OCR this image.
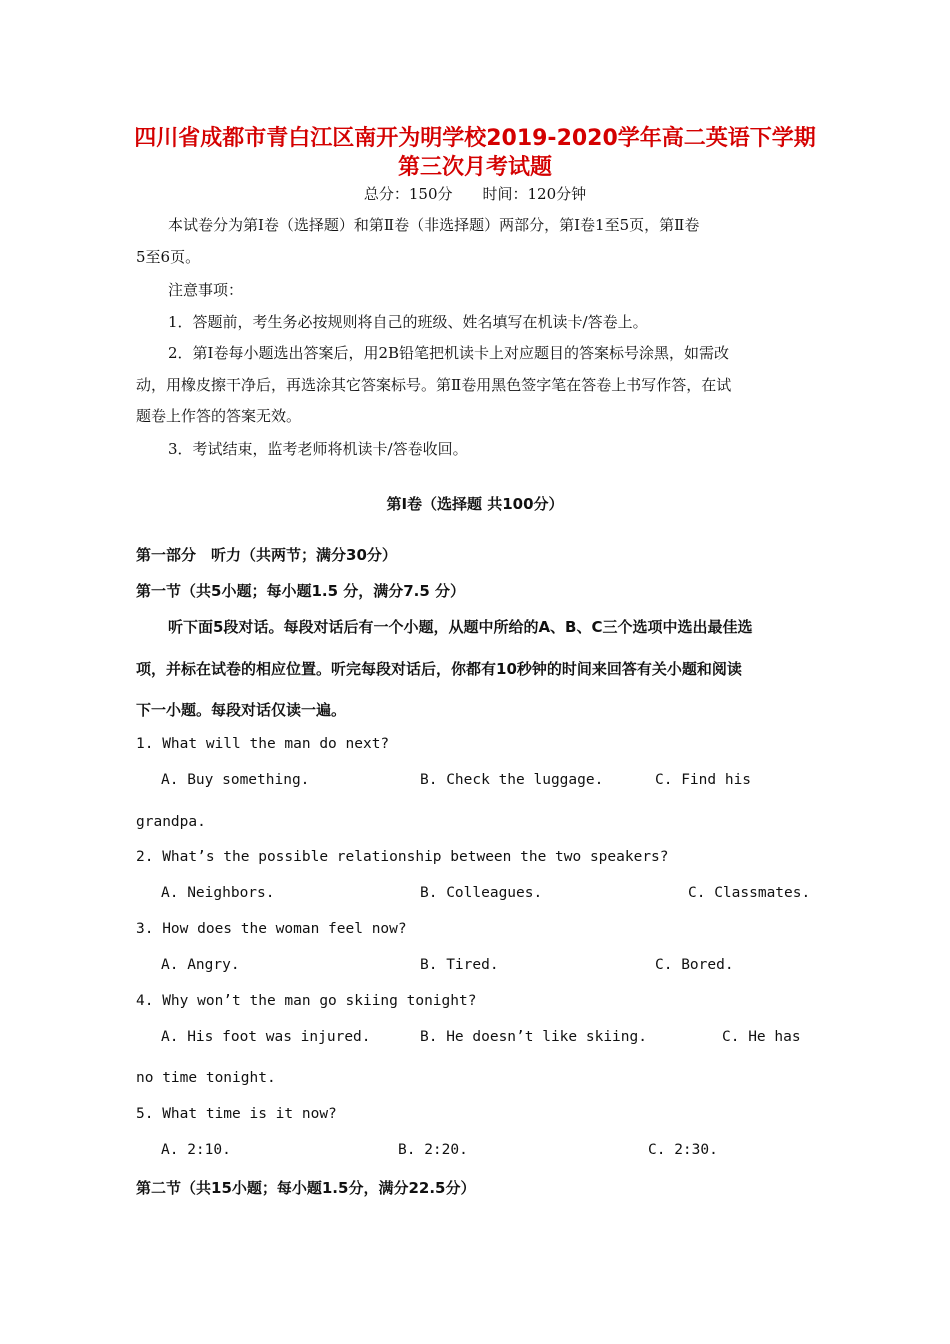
四川省成都市青白江区南开为明学校2019-2020学年高二英语下学期
第三次月考试题
总分：150分　　时间：120分钟
本试卷分为第Ⅰ卷（选择题）和第Ⅱ卷（非选择题）两部分，第Ⅰ卷1至5页，第Ⅱ卷
5至6页。
注意事项：
1．答题前，考生务必按规则将自己的班级、姓名填写在机读卡/答卷上。
2．第Ⅰ卷每小题选出答案后，用2B铅笔把机读卡上对应题目的答案标号涂黑，如需改
动，用橡皮擦干净后，再选涂其它答案标号。第Ⅱ卷用黑色签字笔在答卷上书写作答，在试
题卷上作答的答案无效。
3．考试结束，监考老师将机读卡/答卷收回。
第Ⅰ卷（选择题 共100分）
第一部分　听力（共两节；满分30分）
第一节（共5小题；每小题1.5 分，满分7.5 分）
听下面5段对话。每段对话后有一个小题，从题中所给的A、B、C三个选项中选出最佳选
项，并标在试卷的相应位置。听完每段对话后，你都有10秒钟的时间来回答有关小题和阅读
下一小题。每段对话仅读一遍。
1. What will the man do next?
A. Buy something.	B. Check the luggage.	C. Find his
grandpa.
2. What’s the possible relationship between the two speakers?
A. Neighbors.	B. Colleagues.	C. Classmates.
3. How does the woman feel now?
A. Angry.	B. Tired.	C. Bored.
4. Why won’t the man go skiing tonight?
A. His foot was injured.	B. He doesn’t like skiing.	C. He has
no time tonight.
5. What time is it now?
A. 2:10.	B. 2:20.	C. 2:30.
第二节（共15小题；每小题1.5分，满分22.5分）
